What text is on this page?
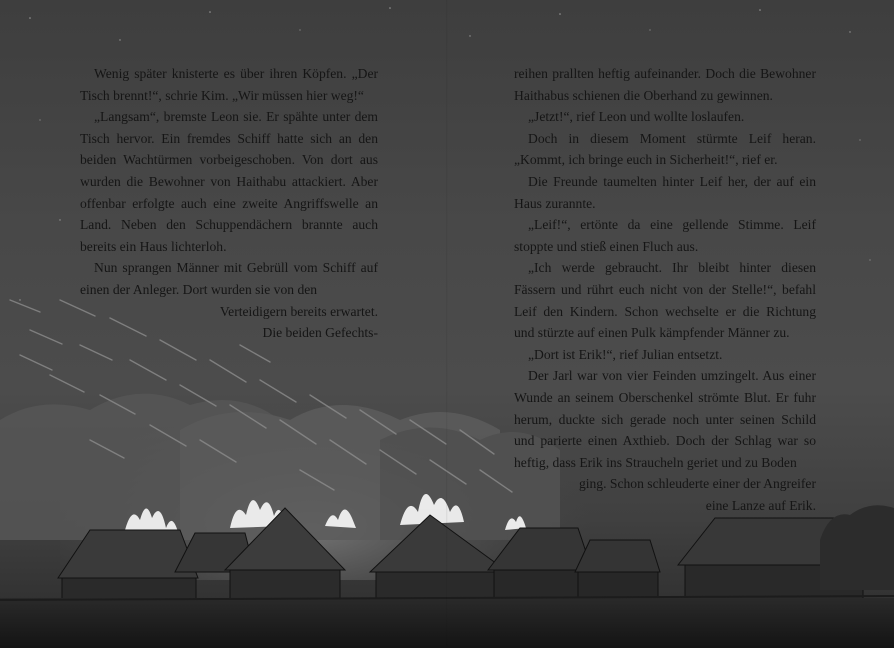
Wenig später knisterte es über ihren Köpfen. „Der Tisch brennt!“, schrie Kim. „Wir müssen hier weg!“

„Langsam“, bremste Leon sie. Er spähte unter dem Tisch hervor. Ein fremdes Schiff hatte sich an den beiden Wachtürmen vorbeigeschoben. Von dort aus wurden die Bewohner von Haithabu attackiert. Aber offenbar erfolgte auch eine zweite Angriffswelle an Land. Neben den Schuppendächern brannte auch bereits ein Haus lichterloh.

Nun sprangen Männer mit Gebrüll vom Schiff auf einen der Anleger. Dort wurden sie von den

Verteidigern bereits erwartet.

Die beiden Gefechts-

reihen prallten heftig aufeinander. Doch die Bewohner Haithabus schienen die Oberhand zu gewinnen.

„Jetzt!“, rief Leon und wollte loslaufen.

Doch in diesem Moment stürmte Leif heran. „Kommt, ich bringe euch in Sicherheit!“, rief er.

Die Freunde taumelten hinter Leif her, der auf ein Haus zurannte.

„Leif!“, ertönte da eine gellende Stimme. Leif stoppte und stieß einen Fluch aus.

„Ich werde gebraucht. Ihr bleibt hinter diesen Fässern und rührt euch nicht von der Stelle!“, befahl Leif den Kindern. Schon wechselte er die Richtung und stürzte auf einen Pulk kämpfender Männer zu.

„Dort ist Erik!“, rief Julian entsetzt.

Der Jarl war von vier Feinden umzingelt. Aus einer Wunde an seinem Oberschenkel strömte Blut. Er fuhr herum, duckte sich gerade noch unter seinen Schild und parierte einen Axthieb. Doch der Schlag war so heftig, dass Erik ins Straucheln geriet und zu Boden

ging. Schon schleuderte einer der Angreifer

eine Lanze auf Erik.
